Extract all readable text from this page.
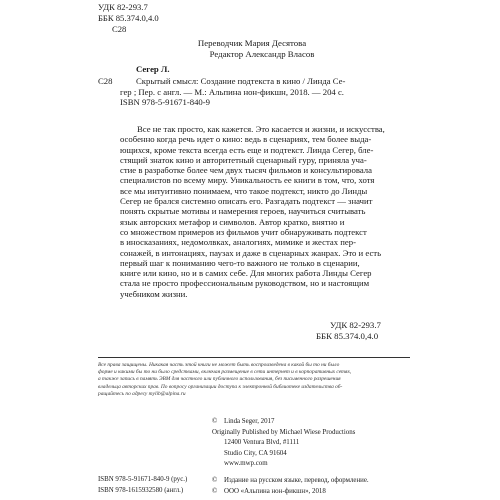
УДК 82-293.7
ББК 85.374.0,4.0
С28
Переводчик Мария Десятова
Редактор Александр Власов
Сегер Л.
С28	Скрытый смысл: Создание подтекста в кино / Линда Се-
гер ; Пер. с англ. — М.: Альпина нон-фикшн, 2018. — 204 с.
ISBN 978-5-91671-840-9
Все не так просто, как кажется. Это касается и жизни, и искусства,
особенно когда речь идет о кино: ведь в сценариях, тем более выда-
ющихся, кроме текста всегда есть еще и подтекст. Линда Сегер, бле-
стящий знаток кино и авторитетный сценарный гуру, приняла уча-
стие в разработке более чем двух тысяч фильмов и консультировала
специалистов по всему миру. Уникальность ее книги в том, что, хотя
все мы интуитивно понимаем, что такое подтекст, никто до Линды
Сегер не брался системно описать его. Разгадать подтекст — значит
понять скрытые мотивы и намерения героев, научиться считывать
язык авторских метафор и символов. Автор кратко, внятно и
со множеством примеров из фильмов учит обнаруживать подтекст
в иносказаниях, недомолвках, аналогиях, мимике и жестах пер-
сонажей, в интонациях, паузах и даже в сценарных жанрах. Это и есть
первый шаг к пониманию чего-то важного не только в сценарии,
книге или кино, но и в самих себе. Для многих работа Линды Сегер
стала не просто профессиональным руководством, но и настоящим
учебником жизни.
УДК 82-293.7
ББК 85.374.0,4.0
Все права защищены. Никакая часть этой книги не может быть воспроизведена в какой бы то ни было
форме и какими бы то ни было средствами, включая размещение в сети интернет и в корпоративных сетях,
а также запись в память ЭВМ для частного или публичного использования, без письменного разрешения
владельца авторских прав. По вопросу организации доступа к электронной библиотеке издательства об-
ращайтесь по адресу mylib@alpina.ru
© Linda Seger, 2017
Originally Published by Michael Wiese Productions
12400 Ventura Blvd, #1111
Studio City, CA 91604
www.mwp.com
© Издание на русском языке, перевод, оформление.
© ООО «Альпина нон-фикшн», 2018
ISBN 978-5-91671-840-9 (рус.)
ISBN 978-1615932580 (англ.)
